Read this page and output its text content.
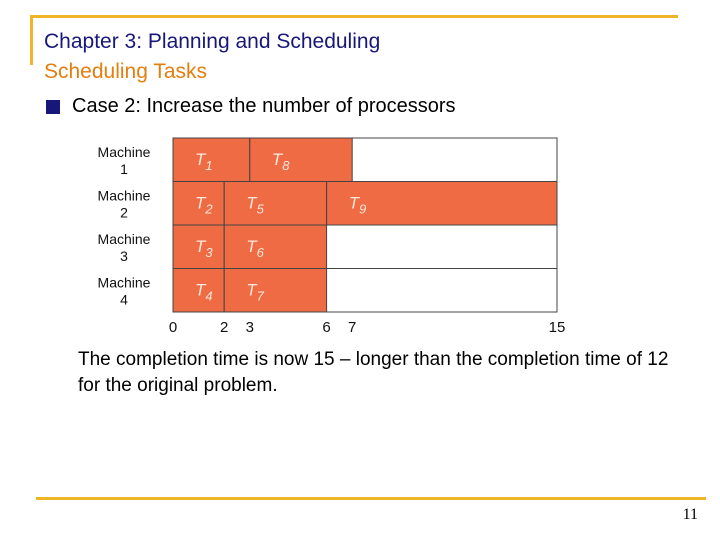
Chapter 3: Planning and Scheduling
Scheduling Tasks
Case 2: Increase the number of processors
Machine
1	$T_1$	$T_8$
Machine
2	$T_2$ $T_5$	$T_9$
Machine
3	$T_3$ $T_6$
Machine
4	$T_4$ $T_7$
0	2 3	6 7	15
The completion time is now 15 – longer than the completion time of 12 for the original problem.
11
